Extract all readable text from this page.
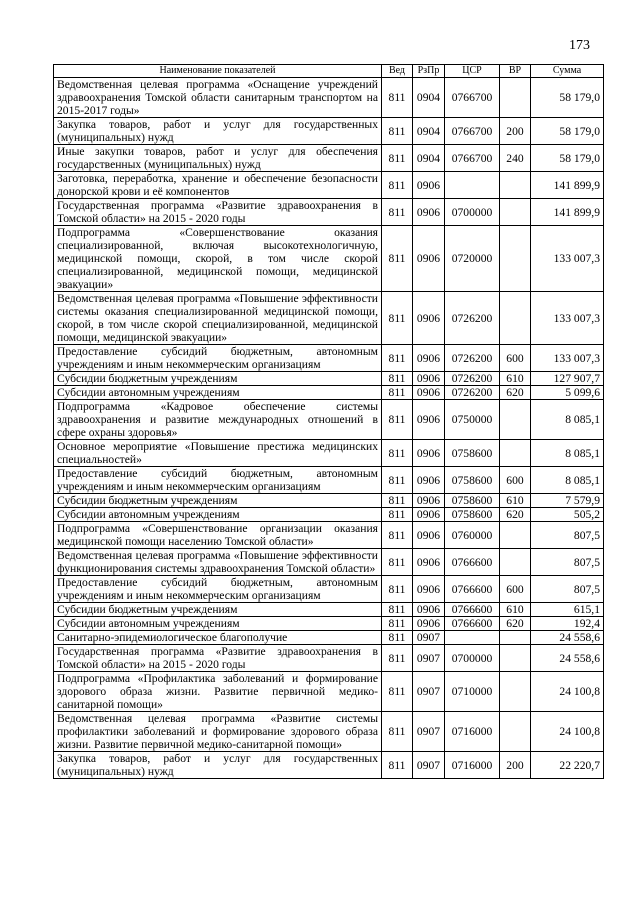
173
Наименование показателей	Вед	РзПр	ЦСР	ВР	Сумма
Ведомственная целевая программа «Оснащение учреждений здравоохранения Томской области санитарным транспортом на 2015-2017 годы»	811	0904	0766700		58 179,0
Закупка товаров, работ и услуг для государственных (муниципальных) нужд	811	0904	0766700	200	58 179,0
Иные закупки товаров, работ и услуг для обеспечения государственных (муниципальных) нужд	811	0904	0766700	240	58 179,0
Заготовка, переработка, хранение и обеспечение безопасности донорской крови и её компонентов	811	0906			141 899,9
Государственная программа «Развитие здравоохранения в Томской области» на 2015 - 2020 годы	811	0906	0700000		141 899,9
Подпрограмма «Совершенствование оказания специализированной, включая высокотехнологичную, медицинской помощи, скорой, в том числе скорой специализированной, медицинской помощи, медицинской эвакуации»	811	0906	0720000		133 007,3
Ведомственная целевая программа «Повышение эффективности системы оказания специализированной медицинской помощи, скорой, в том числе скорой специализированной, медицинской помощи, медицинской эвакуации»	811	0906	0726200		133 007,3
Предоставление субсидий бюджетным, автономным учреждениям и иным некоммерческим организациям	811	0906	0726200	600	133 007,3
Субсидии бюджетным учреждениям	811	0906	0726200	610	127 907,7
Субсидии автономным учреждениям	811	0906	0726200	620	5 099,6
Подпрограмма «Кадровое обеспечение системы здравоохранения и развитие международных отношений в сфере охраны здоровья»	811	0906	0750000		8 085,1
Основное мероприятие «Повышение престижа медицинских специальностей»	811	0906	0758600		8 085,1
Предоставление субсидий бюджетным, автономным учреждениям и иным некоммерческим организациям	811	0906	0758600	600	8 085,1
Субсидии бюджетным учреждениям	811	0906	0758600	610	7 579,9
Субсидии автономным учреждениям	811	0906	0758600	620	505,2
Подпрограмма «Совершенствование организации оказания медицинской помощи населению Томской области»	811	0906	0760000		807,5
Ведомственная целевая программа «Повышение эффективности функционирования системы здравоохранения Томской области»	811	0906	0766600		807,5
Предоставление субсидий бюджетным, автономным учреждениям и иным некоммерческим организациям	811	0906	0766600	600	807,5
Субсидии бюджетным учреждениям	811	0906	0766600	610	615,1
Субсидии автономным учреждениям	811	0906	0766600	620	192,4
Санитарно-эпидемиологическое благополучие	811	0907			24 558,6
Государственная программа «Развитие здравоохранения в Томской области» на 2015 - 2020 годы	811	0907	0700000		24 558,6
Подпрограмма «Профилактика заболеваний и формирование здорового образа жизни. Развитие первичной медико-санитарной помощи»	811	0907	0710000		24 100,8
Ведомственная целевая программа «Развитие системы профилактики заболеваний и формирование здорового образа жизни. Развитие первичной медико-санитарной помощи»	811	0907	0716000		24 100,8
Закупка товаров, работ и услуг для государственных (муниципальных) нужд	811	0907	0716000	200	22 220,7
